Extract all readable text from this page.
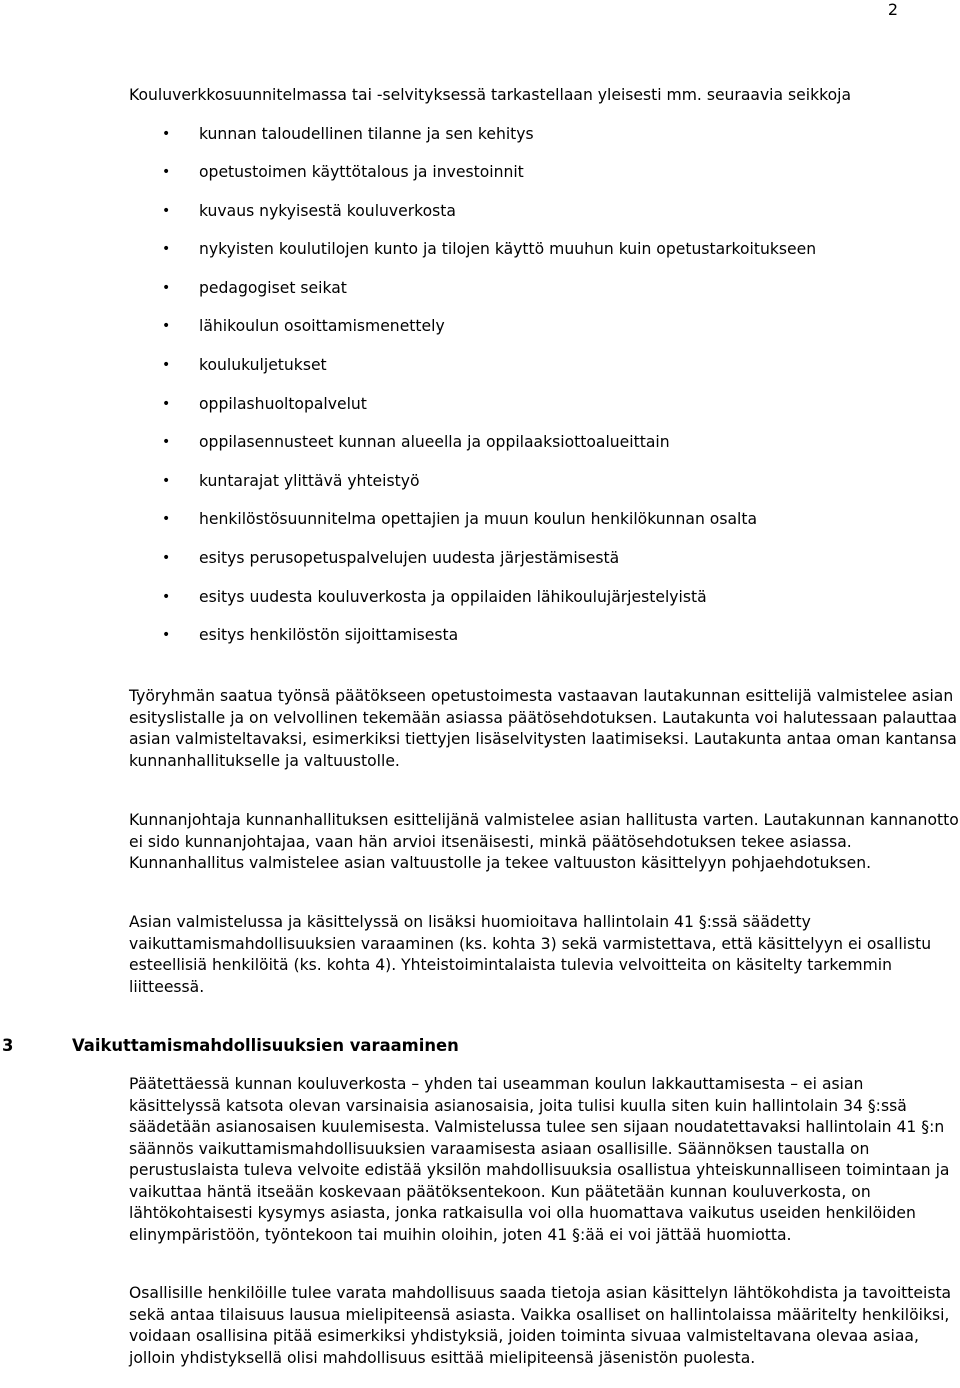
2
Kouluverkkosuunnitelmassa tai -selvityksessä tarkastellaan yleisesti mm. seuraavia seikkoja
• kunnan taloudellinen tilanne ja sen kehitys
• opetustoimen käyttötalous ja investoinnit
• kuvaus nykyisestä kouluverkosta
• nykyisten koulutilojen kunto ja tilojen käyttö muuhun kuin opetustarkoitukseen
• pedagogiset seikat
• lähikoulun osoittamismenettely
• koulukuljetukset
• oppilashuoltopalvelut
• oppilasennusteet kunnan alueella ja oppilaaksiottoalueittain
• kuntarajat ylittävä yhteistyö
• henkilöstösuunnitelma opettajien ja muun koulun henkilökunnan osalta
• esitys perusopetuspalvelujen uudesta järjestämisestä
• esitys uudesta kouluverkosta ja oppilaiden lähikoulujärjestelyistä
• esitys henkilöstön sijoittamisesta

Työryhmän saatua työnsä päätökseen opetustoimesta vastaavan lautakunnan esittelijä valmistelee asian esityslistalle ja on velvollinen tekemään asiassa päätösehdotuksen. Lautakunta voi halutessaan palauttaa asian valmisteltavaksi, esimerkiksi tiettyjen lisäselvitysten laatimiseksi. Lautakunta antaa oman kantansa kunnanhallitukselle ja valtuustolle.

Kunnanjohtaja kunnanhallituksen esittelijänä valmistelee asian hallitusta varten. Lautakunnan kannanotto ei sido kunnanjohtajaa, vaan hän arvioi itsenäisesti, minkä päätösehdotuksen tekee asiassa. Kunnanhallitus valmistelee asian valtuustolle ja tekee valtuuston käsittelyyn pohjaehdotuksen.

Asian valmistelussa ja käsittelyssä on lisäksi huomioitava hallintolain 41 §:ssä säädetty vaikuttamismahdollisuuksien varaaminen (ks. kohta 3) sekä varmistettava, että käsittelyyn ei osallistu esteellisiä henkilöitä (ks. kohta 4). Yhteistoimintalaista tulevia velvoitteita on käsitelty tarkemmin liitteessä.

3	Vaikuttamismahdollisuuksien varaaminen

Päätettäessä kunnan kouluverkosta – yhden tai useamman koulun lakkauttamisesta – ei asian käsittelyssä katsota olevan varsinaisia asianosaisia, joita tulisi kuulla siten kuin hallintolain 34 §:ssä säädetään asianosaisen kuulemisesta. Valmistelussa tulee sen sijaan noudatettavaksi hallintolain 41 §:n säännös vaikuttamismahdollisuuksien varaamisesta asiaan osallisille. Säännöksen taustalla on perustuslaista tuleva velvoite edistää yksilön mahdollisuuksia osallistua yhteiskunnalliseen toimintaan ja vaikuttaa häntä itseään koskevaan päätöksentekoon. Kun päätetään kunnan kouluverkosta, on lähtökohtaisesti kysymys asiasta, jonka ratkaisulla voi olla huomattava vaikutus useiden henkilöiden elinympäristöön, työntekoon tai muihin oloihin, joten 41 §:ää ei voi jättää huomiotta.

Osallisille henkilöille tulee varata mahdollisuus saada tietoja asian käsittelyn lähtökohdista ja tavoitteista sekä antaa tilaisuus lausua mielipiteensä asiasta. Vaikka osalliset on hallintolaissa määritelty henkilöiksi, voidaan osallisina pitää esimerkiksi yhdistyksiä, joiden toiminta sivuaa valmisteltavana olevaa asiaa, jolloin yhdistyksellä olisi mahdollisuus esittää mielipiteensä jäsenistön puolesta.
